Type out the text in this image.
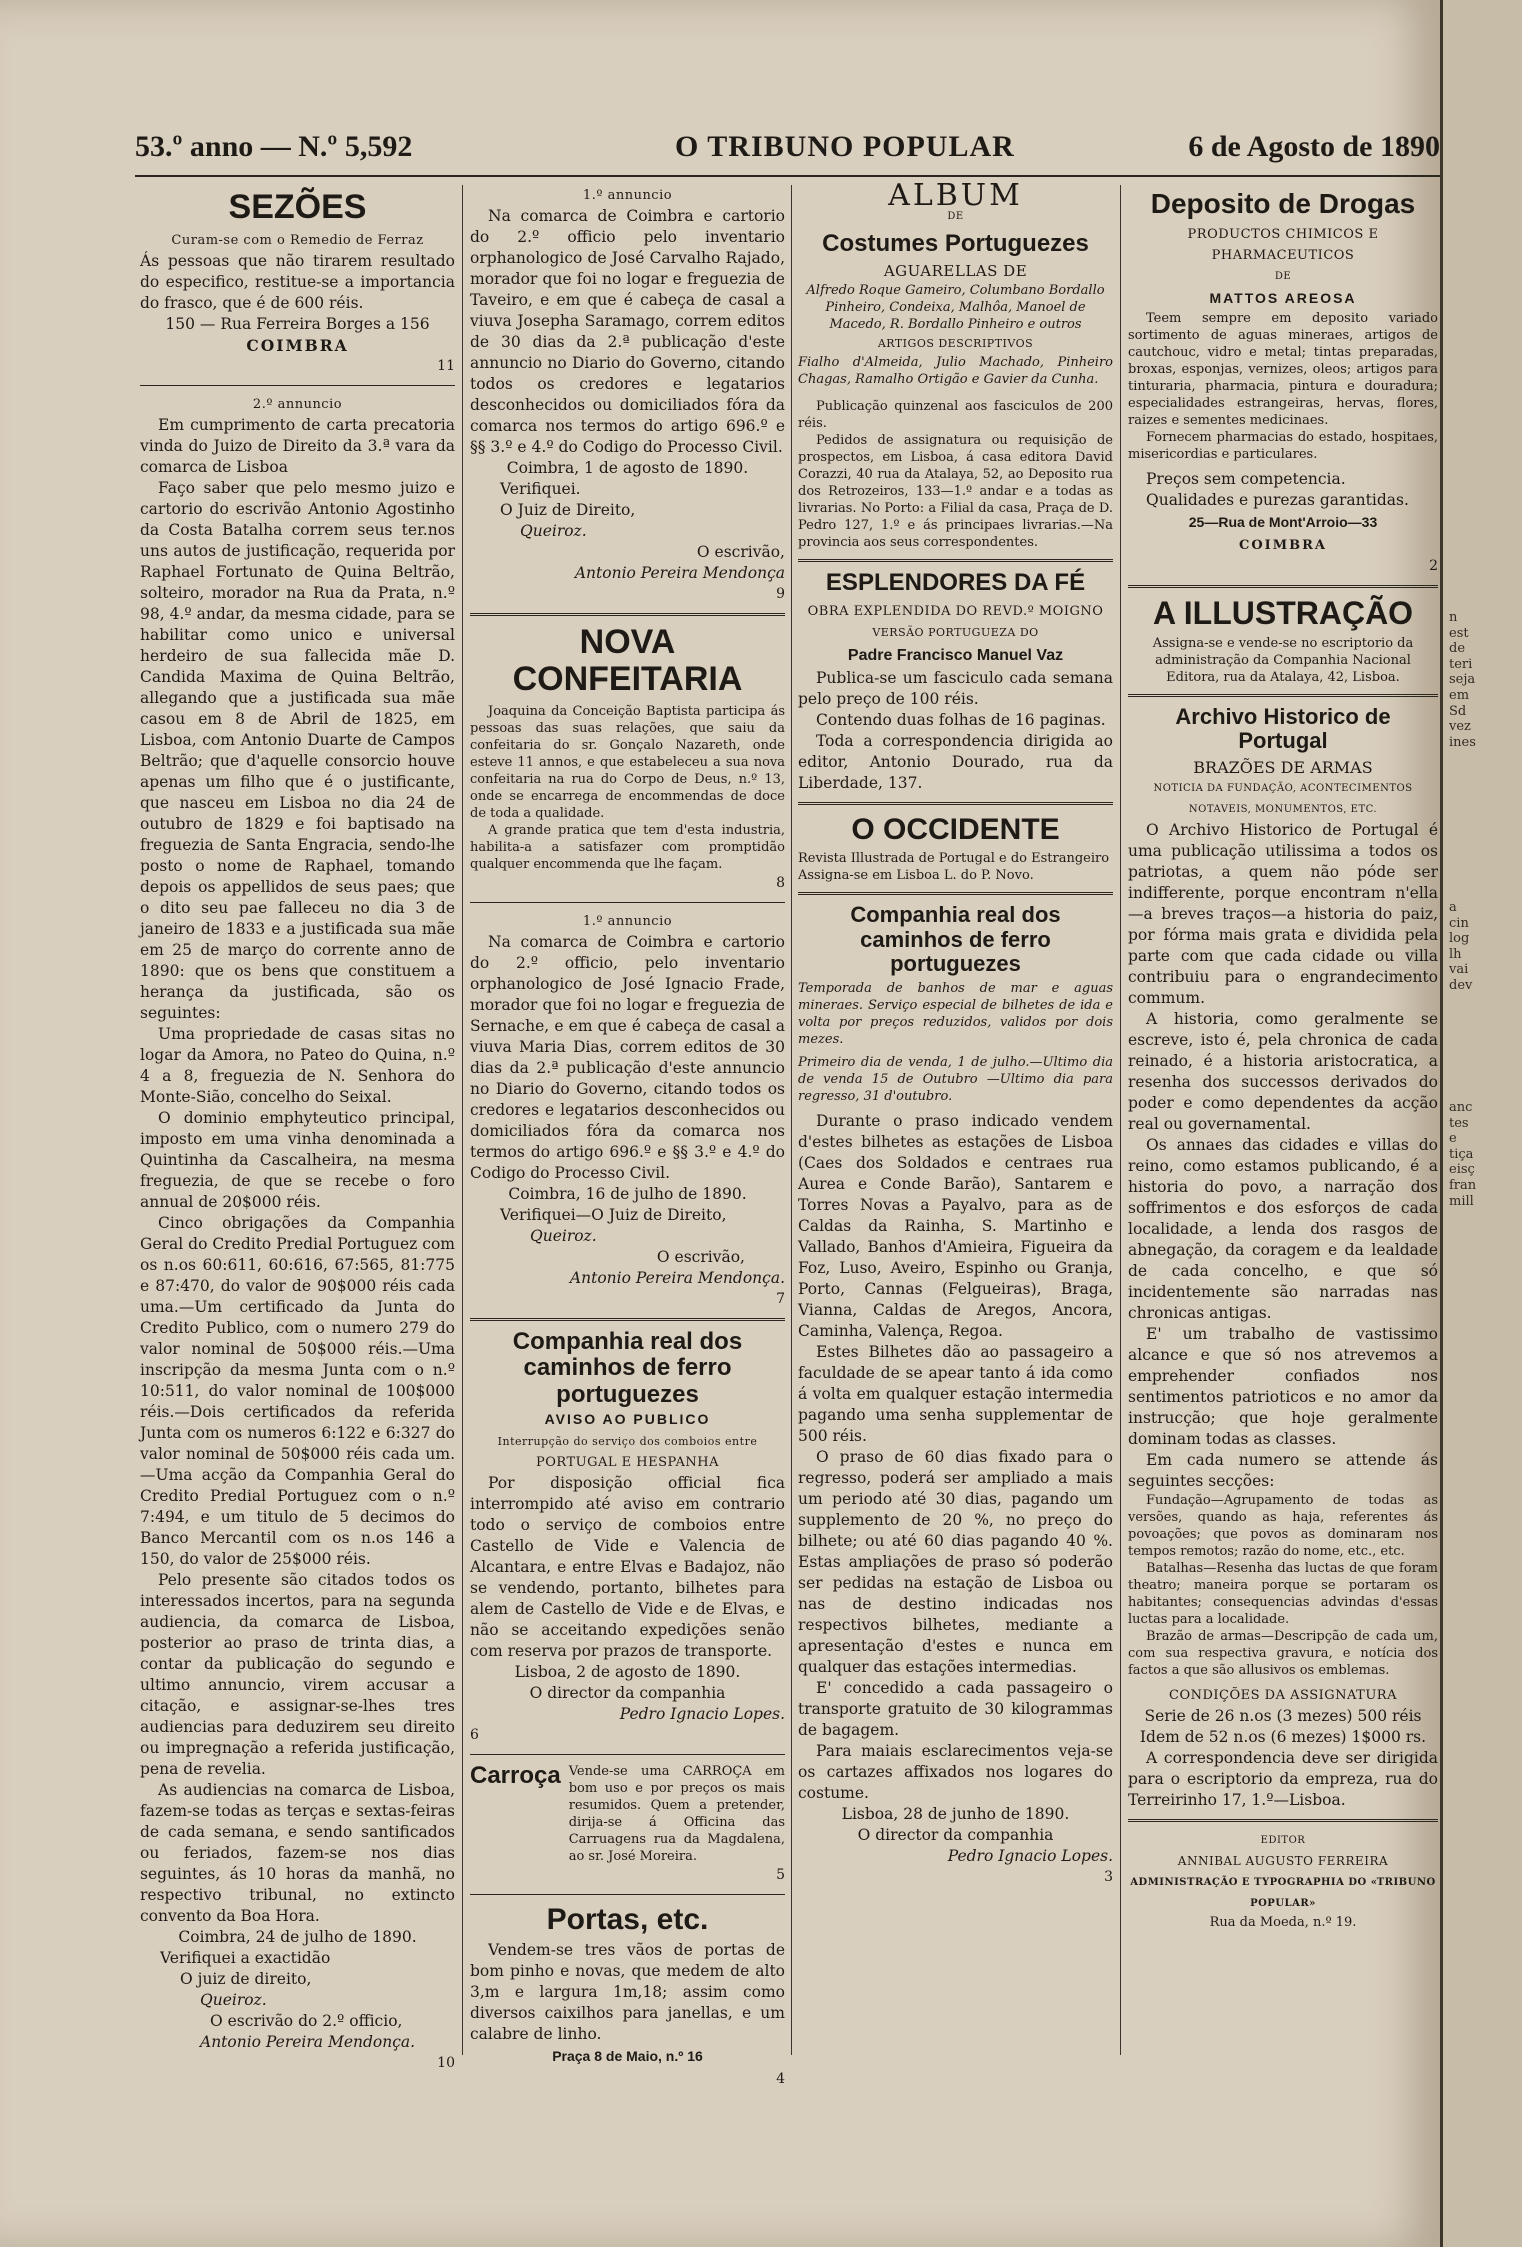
53.º anno — N.º 5,592	O TRIBUNO POPULAR	6 de Agosto de 1890
SEZÕES
Curam-se com o Remedio de Ferraz

Ás pessoas que não tirarem resultado do especifico, restitue-se a importancia do frasco, que é de 600 réis.

150 — Rua Ferreira Borges a 156
COIMBRA
11
2.º annuncio

Em cumprimento de carta precatoria vinda do Juizo de Direito da 3.ª vara da comarca de Lisboa

Faço saber que pelo mesmo juizo e cartorio do escrivão Antonio Agostinho da Costa Batalha correm seus ter.nos uns autos de justificação, requerida por Raphael Fortunato de Quina Beltrão, solteiro, morador na Rua da Prata, n.º 98, 4.º andar, da mesma cidade, para se habilitar como unico e universal herdeiro de sua fallecida mãe D. Candida Maxima de Quina Beltrão, allegando que a justificada sua mãe casou em 8 de Abril de 1825, em Lisboa, com Antonio Duarte de Campos Beltrão; que d'aquelle consorcio houve apenas um filho que é o justificante, que nasceu em Lisboa no dia 24 de outubro de 1829 e foi baptisado na freguezia de Santa Engracia, sendo-lhe posto o nome de Raphael, tomando depois os appellidos de seus paes; que o dito seu pae falleceu no dia 3 de janeiro de 1833 e a justificada sua mãe em 25 de março do corrente anno de 1890: que os bens que constituem a herança da justificada, são os seguintes:

Uma propriedade de casas sitas no logar da Amora, no Pateo do Quina, n.º 4 a 8, freguezia de N. Senhora do Monte-Sião, concelho do Seixal.

O dominio emphyteutico principal, imposto em uma vinha denominada a Quintinha da Cascalheira, na mesma freguezia, de que se recebe o foro annual de 20$000 réis.

Cinco obrigações da Companhia Geral do Credito Predial Portuguez com os n.os 60:611, 60:616, 67:565, 81:775 e 87:470, do valor de 90$000 réis cada uma.—Um certificado da Junta do Credito Publico, com o numero 279 do valor nominal de 50$000 réis.—Uma inscripção da mesma Junta com o n.º 10:511, do valor nominal de 100$000 réis.—Dois certificados da referida Junta com os numeros 6:122 e 6:327 do valor nominal de 50$000 réis cada um. —Uma acção da Companhia Geral do Credito Predial Portuguez com o n.º 7:494, e um titulo de 5 decimos do Banco Mercantil com os n.os 146 a 150, do valor de 25$000 réis.

Pelo presente são citados todos os interessados incertos, para na segunda audiencia, da comarca de Lisboa, posterior ao praso de trinta dias, a contar da publicação do segundo e ultimo annuncio, virem accusar a citação, e assignar-se-lhes tres audiencias para deduzirem seu direito ou impregnação a referida justificação, pena de revelia.

As audiencias na comarca de Lisboa, fazem-se todas as terças e sextas-feiras de cada semana, e sendo santificados ou feriados, fazem-se nos dias seguintes, ás 10 horas da manhã, no respectivo tribunal, no extincto convento da Boa Hora.

Coimbra, 24 de julho de 1890.
Verifiquei a exactidão
O juiz de direito,
Queiroz.
O escrivão do 2.º officio,
Antonio Pereira Mendonça.
10
1.º annuncio

Na comarca de Coimbra e cartorio do 2.º officio pelo inventario orphanologico de José Carvalho Rajado, morador que foi no logar e freguezia de Taveiro, e em que é cabeça de casal a viuva Josepha Saramago, correm editos de 30 dias da 2.ª publicação d'este annuncio no Diario do Governo, citando todos os credores e legatarios desconhecidos ou domiciliados fóra da comarca nos termos do artigo 696.º e §§ 3.º e 4.º do Codigo do Processo Civil.

Coimbra, 1 de agosto de 1890.
Verifiquei.
O Juiz de Direito,
Queiroz.
O escrivão,
Antonio Pereira Mendonça
9
NOVA CONFEITARIA

Joaquina da Conceição Baptista participa ás pessoas das suas relações, que saiu da confeitaria do sr. Gonçalo Nazareth, onde esteve 11 annos, e que estabeleceu a sua nova confeitaria na rua do Corpo de Deus, n.º 13, onde se encarrega de encommendas de doce de toda a qualidade.

A grande pratica que tem d'esta industria, habilita-a a satisfazer com promptidão qualquer encommenda que lhe façam.

8
1.º annuncio

Na comarca de Coimbra e cartorio do 2.º officio, pelo inventario orphanologico de José Ignacio Frade, morador que foi no logar e freguezia de Sernache, e em que é cabeça de casal a viuva Maria Dias, correm editos de 30 dias da 2.ª publicação d'este annuncio no Diario do Governo, citando todos os credores e legatarios desconhecidos ou domiciliados fóra da comarca nos termos do artigo 696.º e §§ 3.º e 4.º do Codigo do Processo Civil.

Coimbra, 16 de julho de 1890.
Verifiquei—O Juiz de Direito,
Queiroz.
O escrivão,
Antonio Pereira Mendonça.
7
Companhia real dos caminhos de ferro portuguezes
AVISO AO PUBLICO
Interrupção do serviço dos comboios entre
PORTUGAL E HESPANHA

Por disposição official fica interrompido até aviso em contrario todo o serviço de comboios entre Castello de Vide e Valencia de Alcantara, e entre Elvas e Badajoz, não se vendendo, portanto, bilhetes para alem de Castello de Vide e de Elvas, e não se acceitando expedições senão com reserva por prazos de transporte.

Lisboa, 2 de agosto de 1890.
O director da companhia
Pedro Ignacio Lopes.
6
Carroça Vende-se uma CARROÇA em bom uso e por preços os mais resumidos. Quem a pretender, dirija-se á Officina das Carruagens rua da Magdalena, ao sr. José Moreira.
5
Portas, etc.

Vendem-se tres vãos de portas de bom pinho e novas, que medem de alto 3,m e largura 1m,18; assim como diversos caixilhos para janellas, e um calabre de linho.

Praça 8 de Maio, n.º 16
4
ALBUM
DE
Costumes Portuguezes
AGUARELLAS DE

Alfredo Roque Gameiro, Columbano Bordallo Pinheiro, Condeixa, Malhôa, Manoel de Macedo, R. Bordallo Pinheiro e outros

ARTIGOS DESCRIPTIVOS

Fialho d'Almeida, Julio Machado, Pinheiro Chagas, Ramalho Ortigão e Gavier da Cunha.

Publicação quinzenal aos fasciculos de 200 réis.

Pedidos de assignatura ou requisição de prospectos, em Lisboa, á casa editora David Corazzi, 40 rua da Atalaya, 52, ao Deposito rua dos Retrozeiros, 133—1.º andar e a todas as livrarias. No Porto: a Filial da casa, Praça de D. Pedro 127, 1.º e ás principaes livrarias.—Na provincia aos seus correspondentes.

ESPLENDORES DA FÉ
OBRA EXPLENDIDA DO REVD.º MOIGNO
VERSÃO PORTUGUEZA DO
Padre Francisco Manuel Vaz

Publica-se um fasciculo cada semana pelo preço de 100 réis.

Contendo duas folhas de 16 paginas.

Toda a correspondencia dirigida ao editor, Antonio Dourado, rua da Liberdade, 137.

O OCCIDENTE
Revista Illustrada de Portugal e do Estrangeiro
Assigna-se em Lisboa L. do P. Novo.
Companhia real dos caminhos de ferro portuguezes

Temporada de banhos de mar e aguas mineraes. Serviço especial de bilhetes de ida e volta por preços reduzidos, validos por dois mezes.

Primeiro dia de venda, 1 de julho.—Ultimo dia de venda 15 de Outubro —Ultimo dia para regresso, 31 d'outubro.

Durante o praso indicado vendem d'estes bilhetes as estações de Lisboa (Caes dos Soldados e centraes rua Aurea e Conde Barão), Santarem e Torres Novas a Payalvo, para as de Caldas da Rainha, S. Martinho e Vallado, Banhos d'Amieira, Figueira da Foz, Luso, Aveiro, Espinho ou Granja, Porto, Cannas (Felgueiras), Braga, Vianna, Caldas de Aregos, Ancora, Caminha, Valença, Regoa.

Estes Bilhetes dão ao passageiro a faculdade de se apear tanto á ida como á volta em qualquer estação intermedia pagando uma senha supplementar de 500 réis.

O praso de 60 dias fixado para o regresso, poderá ser ampliado a mais um periodo até 30 dias, pagando um supplemento de 20 %, no preço do bilhete; ou até 60 dias pagando 40 %. Estas ampliações de praso só poderão ser pedidas na estação de Lisboa ou nas de destino indicadas nos respectivos bilhetes, mediante a apresentação d'estes e nunca em qualquer das estações intermedias.

E' concedido a cada passageiro o transporte gratuito de 30 kilogrammas de bagagem.

Para maiais esclarecimentos veja-se os cartazes affixados nos logares do costume.

Lisboa, 28 de junho de 1890.
O director da companhia
Pedro Ignacio Lopes.
3
Deposito de Drogas
PRODUCTOS CHIMICOS E PHARMACEUTICOS
DE
MATTOS AREOSA

Teem sempre em deposito variado sortimento de aguas mineraes, artigos de cautchouc, vidro e metal; tintas preparadas, broxas, esponjas, vernizes, oleos; artigos para tinturaria, pharmacia, pintura e douradura; especialidades estrangeiras, hervas, flores, raizes e sementes medicinaes.

Fornecem pharmacias do estado, hospitaes, misericordias e particulares.

Preços sem competencia.

Qualidades e purezas garantidas.

25—Rua de Mont'Arroio—33
COIMBRA
2
A ILLUSTRAÇÃO

Assigna-se e vende-se no escriptorio da administração da Companhia Nacional Editora, rua da Atalaya, 42, Lisboa.

Archivo Historico de Portugal
BRAZÕES DE ARMAS
NOTICIA DA FUNDAÇÃO, ACONTECIMENTOS NOTAVEIS, MONUMENTOS, ETC.

O Archivo Historico de Portugal é uma publicação utilissima a todos os patriotas, a quem não póde ser indifferente, porque encontram n'ella—a breves traços—a historia do paiz, por fórma mais grata e dividida pela parte com que cada cidade ou villa contribuiu para o engrandecimento commum.

A historia, como geralmente se escreve, isto é, pela chronica de cada reinado, é a historia aristocratica, a resenha dos successos derivados do poder e como dependentes da acção real ou governamental.

Os annaes das cidades e villas do reino, como estamos publicando, é a historia do povo, a narração dos soffrimentos e dos esforços de cada localidade, a lenda dos rasgos de abnegação, da coragem e da lealdade de cada concelho, e que só incidentemente são narradas nas chronicas antigas.

E' um trabalho de vastissimo alcance e que só nos atrevemos a emprehender confiados nos sentimentos patrioticos e no amor da instrucção; que hoje geralmente dominam todas as classes.

Em cada numero se attende ás seguintes secções:

Fundação—Agrupamento de todas as versões, quando as haja, referentes ás povoações; que povos as dominaram nos tempos remotos; razão do nome, etc., etc.

Batalhas—Resenha das luctas de que foram theatro; maneira porque se portaram os habitantes; consequencias advindas d'essas luctas para a localidade.

Brazão de armas—Descripção de cada um, com sua respectiva gravura, e notícia dos factos a que são allusivos os emblemas.

CONDIÇÕES DA ASSIGNATURA
Serie de 26 n.os (3 mezes) 500 réis
Idem de 52 n.os (6 mezes) 1$000 rs.

A correspondencia deve ser dirigida para o escriptorio da empreza, rua do Terreirinho 17, 1.º—Lisboa.

EDITOR
ANNIBAL AUGUSTO FERREIRA
ADMINISTRAÇÃO E TYPOGRAPHIA DO «TRIBUNO POPULAR»
Rua da Moeda, n.º 19.
n
est
de
teri
seja
em
Sd
vez
ines
a
cin
log
lh
vai
dev
anc
tes
e
tiça
eisç
fran
mill
